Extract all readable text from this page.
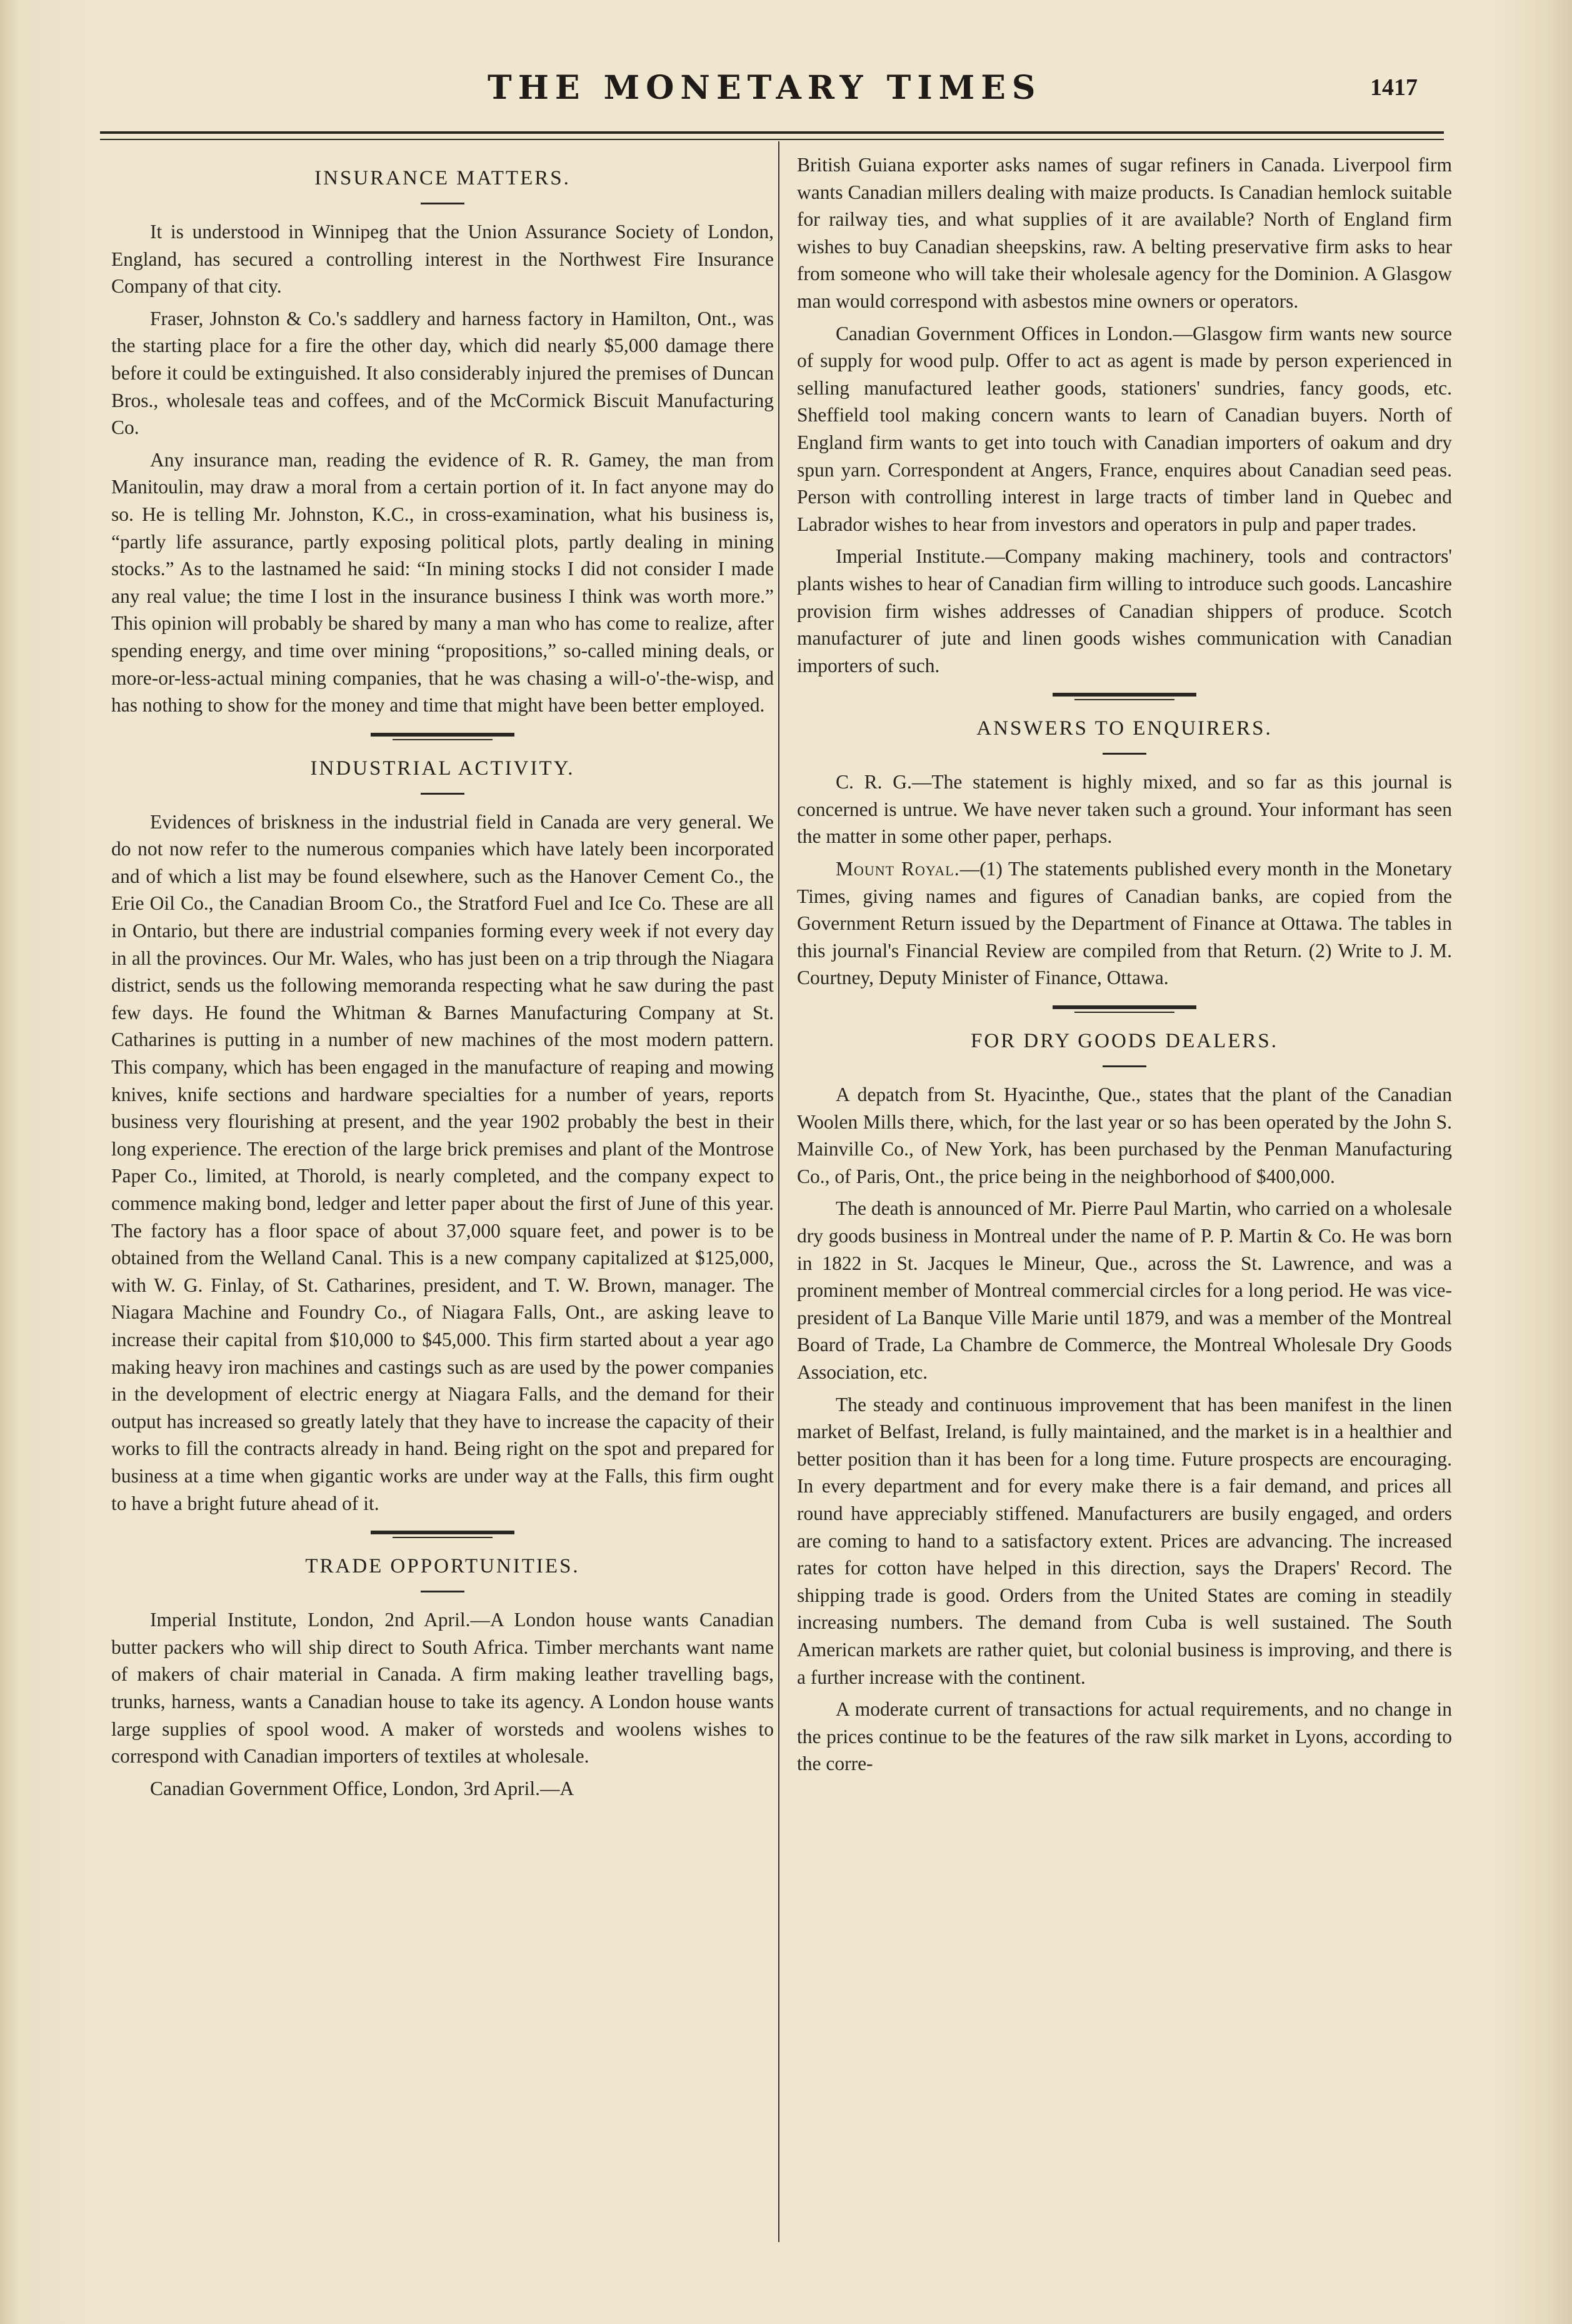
THE MONETARY TIMES	1417
INSURANCE MATTERS.

It is understood in Winnipeg that the Union Assurance Society of London, England, has secured a controlling interest in the Northwest Fire Insurance Company of that city.

Fraser, Johnston & Co.'s saddlery and harness factory in Hamilton, Ont., was the starting place for a fire the other day, which did nearly $5,000 damage there before it could be extinguished. It also considerably injured the premises of Duncan Bros., wholesale teas and coffees, and of the McCormick Biscuit Manufacturing Co.

Any insurance man, reading the evidence of R. R. Gamey, the man from Manitoulin, may draw a moral from a certain portion of it. In fact anyone may do so. He is telling Mr. Johnston, K.C., in cross-examination, what his business is, “partly life assurance, partly exposing political plots, partly dealing in mining stocks.” As to the lastnamed he said: “In mining stocks I did not consider I made any real value; the time I lost in the insurance business I think was worth more.” This opinion will probably be shared by many a man who has come to realize, after spending energy, and time over mining “propositions,” so-called mining deals, or more-or-less-actual mining companies, that he was chasing a will-o'-the-wisp, and has nothing to show for the money and time that might have been better employed.

INDUSTRIAL ACTIVITY.

Evidences of briskness in the industrial field in Canada are very general. We do not now refer to the numerous companies which have lately been incorporated and of which a list may be found elsewhere, such as the Hanover Cement Co., the Erie Oil Co., the Canadian Broom Co., the Stratford Fuel and Ice Co. These are all in Ontario, but there are industrial companies forming every week if not every day in all the provinces. Our Mr. Wales, who has just been on a trip through the Niagara district, sends us the following memoranda respecting what he saw during the past few days. He found the Whitman & Barnes Manufacturing Company at St. Catharines is putting in a number of new machines of the most modern pattern. This company, which has been engaged in the manufacture of reaping and mowing knives, knife sections and hardware specialties for a number of years, reports business very flourishing at present, and the year 1902 probably the best in their long experience. The erection of the large brick premises and plant of the Montrose Paper Co., limited, at Thorold, is nearly completed, and the company expect to commence making bond, ledger and letter paper about the first of June of this year. The factory has a floor space of about 37,000 square feet, and power is to be obtained from the Welland Canal. This is a new company capitalized at $125,000, with W. G. Finlay, of St. Catharines, president, and T. W. Brown, manager. The Niagara Machine and Foundry Co., of Niagara Falls, Ont., are asking leave to increase their capital from $10,000 to $45,000. This firm started about a year ago making heavy iron machines and castings such as are used by the power companies in the development of electric energy at Niagara Falls, and the demand for their output has increased so greatly lately that they have to increase the capacity of their works to fill the contracts already in hand. Being right on the spot and prepared for business at a time when gigantic works are under way at the Falls, this firm ought to have a bright future ahead of it.

TRADE OPPORTUNITIES.

Imperial Institute, London, 2nd April.—A London house wants Canadian butter packers who will ship direct to South Africa. Timber merchants want name of makers of chair material in Canada. A firm making leather travelling bags, trunks, harness, wants a Canadian house to take its agency. A London house wants large supplies of spool wood. A maker of worsteds and woolens wishes to correspond with Canadian importers of textiles at wholesale.

Canadian Government Office, London, 3rd April.—A

British Guiana exporter asks names of sugar refiners in Canada. Liverpool firm wants Canadian millers dealing with maize products. Is Canadian hemlock suitable for railway ties, and what supplies of it are available? North of England firm wishes to buy Canadian sheepskins, raw. A belting preservative firm asks to hear from someone who will take their wholesale agency for the Dominion. A Glasgow man would correspond with asbestos mine owners or operators.

Canadian Government Offices in London.—Glasgow firm wants new source of supply for wood pulp. Offer to act as agent is made by person experienced in selling manufactured leather goods, stationers' sundries, fancy goods, etc. Sheffield tool making concern wants to learn of Canadian buyers. North of England firm wants to get into touch with Canadian importers of oakum and dry spun yarn. Correspondent at Angers, France, enquires about Canadian seed peas. Person with controlling interest in large tracts of timber land in Quebec and Labrador wishes to hear from investors and operators in pulp and paper trades.

Imperial Institute.—Company making machinery, tools and contractors' plants wishes to hear of Canadian firm willing to introduce such goods. Lancashire provision firm wishes addresses of Canadian shippers of produce. Scotch manufacturer of jute and linen goods wishes communication with Canadian importers of such.

ANSWERS TO ENQUIRERS.

C. R. G.—The statement is highly mixed, and so far as this journal is concerned is untrue. We have never taken such a ground. Your informant has seen the matter in some other paper, perhaps.

Mount Royal.—(1) The statements published every month in the Monetary Times, giving names and figures of Canadian banks, are copied from the Government Return issued by the Department of Finance at Ottawa. The tables in this journal's Financial Review are compiled from that Return. (2) Write to J. M. Courtney, Deputy Minister of Finance, Ottawa.

FOR DRY GOODS DEALERS.

A depatch from St. Hyacinthe, Que., states that the plant of the Canadian Woolen Mills there, which, for the last year or so has been operated by the John S. Mainville Co., of New York, has been purchased by the Penman Manufacturing Co., of Paris, Ont., the price being in the neighborhood of $400,000.

The death is announced of Mr. Pierre Paul Martin, who carried on a wholesale dry goods business in Montreal under the name of P. P. Martin & Co. He was born in 1822 in St. Jacques le Mineur, Que., across the St. Lawrence, and was a prominent member of Montreal commercial circles for a long period. He was vice-president of La Banque Ville Marie until 1879, and was a member of the Montreal Board of Trade, La Chambre de Commerce, the Montreal Wholesale Dry Goods Association, etc.

The steady and continuous improvement that has been manifest in the linen market of Belfast, Ireland, is fully maintained, and the market is in a healthier and better position than it has been for a long time. Future prospects are encouraging. In every department and for every make there is a fair demand, and prices all round have appreciably stiffened. Manufacturers are busily engaged, and orders are coming to hand to a satisfactory extent. Prices are advancing. The increased rates for cotton have helped in this direction, says the Drapers' Record. The shipping trade is good. Orders from the United States are coming in steadily increasing numbers. The demand from Cuba is well sustained. The South American markets are rather quiet, but colonial business is improving, and there is a further increase with the continent.

A moderate current of transactions for actual requirements, and no change in the prices continue to be the features of the raw silk market in Lyons, according to the corre-
